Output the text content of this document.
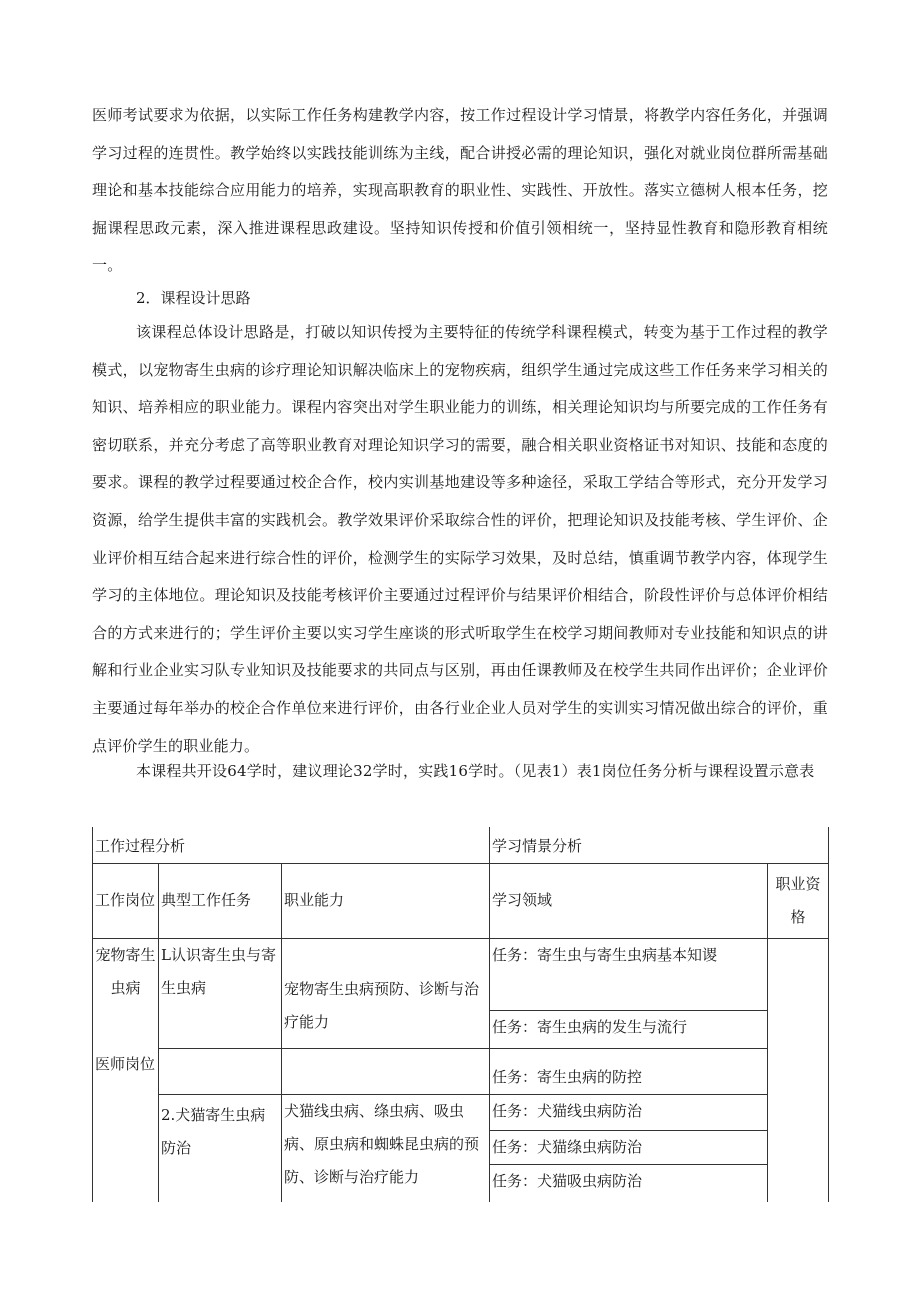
医师考试要求为依据，以实际工作任务构建教学内容，按工作过程设计学习情景，将教学内容任务化，并强调学习过程的连贯性。教学始终以实践技能训练为主线，配合讲授必需的理论知识，强化对就业岗位群所需基础理论和基本技能综合应用能力的培养，实现高职教育的职业性、实践性、开放性。落实立德树人根本任务，挖掘课程思政元素，深入推进课程思政建设。坚持知识传授和价值引领相统一，坚持显性教育和隐形教育相统一。

2．课程设计思路

该课程总体设计思路是，打破以知识传授为主要特征的传统学科课程模式，转变为基于工作过程的教学模式，以宠物寄生虫病的诊疗理论知识解决临床上的宠物疾病，组织学生通过完成这些工作任务来学习相关的知识、培养相应的职业能力。课程内容突出对学生职业能力的训练，相关理论知识均与所要完成的工作任务有密切联系，并充分考虑了高等职业教育对理论知识学习的需要，融合相关职业资格证书对知识、技能和态度的要求。课程的教学过程要通过校企合作，校内实训基地建设等多种途径，采取工学结合等形式，充分开发学习资源，给学生提供丰富的实践机会。教学效果评价采取综合性的评价，把理论知识及技能考核、学生评价、企业评价相互结合起来进行综合性的评价，检测学生的实际学习效果，及时总结，慎重调节教学内容，体现学生学习的主体地位。理论知识及技能考核评价主要通过过程评价与结果评价相结合，阶段性评价与总体评价相结合的方式来进行的；学生评价主要以实习学生座谈的形式听取学生在校学习期间教师对专业技能和知识点的讲解和行业企业实习队专业知识及技能要求的共同点与区别，再由任课教师及在校学生共同作出评价；企业评价主要通过每年举办的校企合作单位来进行评价，由各行业企业人员对学生的实训实习情况做出综合的评价，重点评价学生的职业能力。

本课程共开设64学时，建议理论32学时，实践16学时。（见表1）表1岗位任务分析与课程设置示意表

工作过程分析			学习情景分析	
工作岗位	典型工作任务	职业能力	学习领域	职业资格
宠物寄生虫病	L认识寄生虫与寄生虫病	宠物寄生虫病预防、诊断与治疗能力	任务：寄生虫与寄生虫病基本知谡	
			任务：寄生虫病的发生与流行	
医师岗位			任务：寄生虫病的防控	
	2.犬猫寄生虫病防治	犬猫线虫病、绦虫病、吸虫病、原虫病和蜘蛛昆虫病的预防、诊断与治疗能力	任务：犬猫线虫病防治	
			任务：犬猫绦虫病防治	
			任务：犬猫吸虫病防治	
